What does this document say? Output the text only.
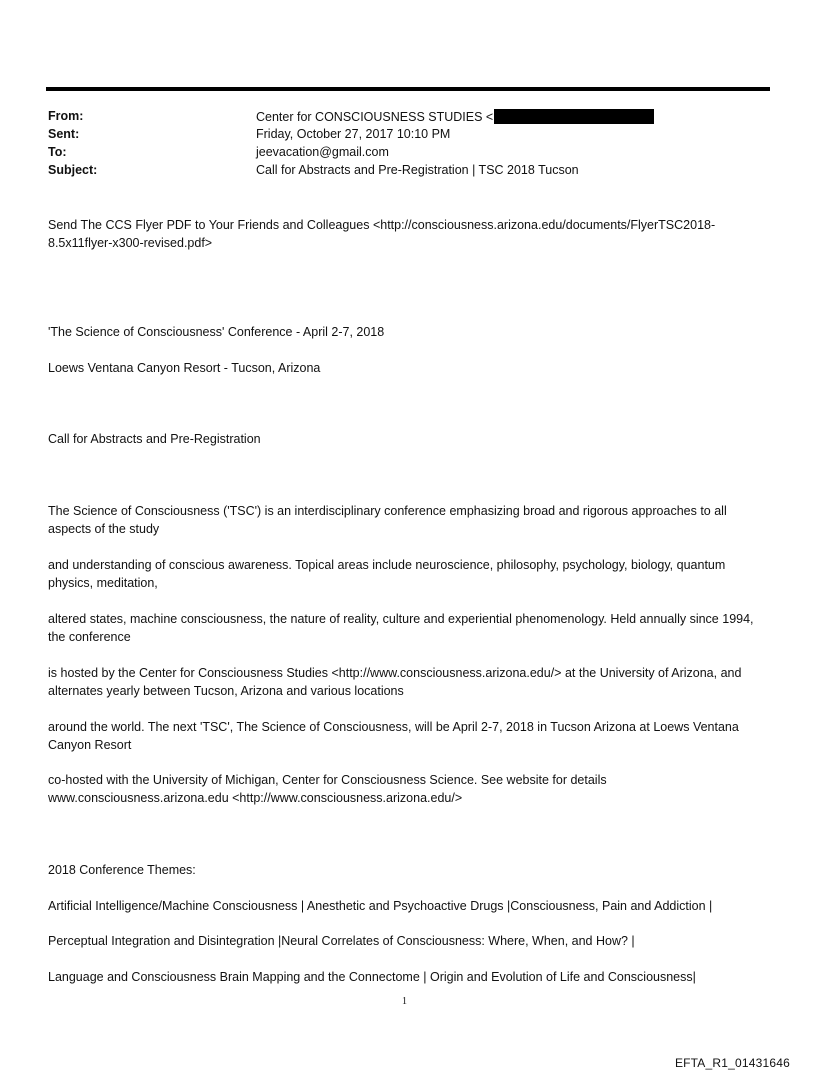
From:	Center for CONSCIOUSNESS STUDIES <
Sent:	Friday, October 27, 2017 10:10 PM
To:	jeevacation@gmail.com
Subject:	Call for Abstracts and Pre-Registration | TSC 2018 Tucson
Send The CCS Flyer PDF to Your Friends and Colleagues <http://consciousness.arizona.edu/documents/FlyerTSC2018-
8.5x11flyer-x300-revised.pdf>
'The Science of Consciousness' Conference - April 2-7, 2018
Loews Ventana Canyon Resort - Tucson, Arizona
Call for Abstracts and Pre-Registration
The Science of Consciousness ('TSC') is an interdisciplinary conference emphasizing broad and rigorous approaches to all aspects of the study
and understanding of conscious awareness. Topical areas include neuroscience, philosophy, psychology, biology, quantum physics, meditation,
altered states, machine consciousness, the nature of reality, culture and experiential phenomenology. Held annually since 1994, the conference
is hosted by the Center for Consciousness Studies <http://www.consciousness.arizona.edu/> at the University of Arizona, and alternates yearly between Tucson, Arizona and various locations
around the world. The next 'TSC', The Science of Consciousness, will be April 2-7, 2018 in Tucson Arizona at Loews Ventana Canyon Resort
co-hosted with the University of Michigan, Center for Consciousness Science. See website for details www.consciousness.arizona.edu <http://www.consciousness.arizona.edu/>
2018 Conference Themes:
Artificial Intelligence/Machine Consciousness | Anesthetic and Psychoactive Drugs |Consciousness, Pain and Addiction |
Perceptual Integration and Disintegration |Neural Correlates of Consciousness: Where, When, and How? |
Language and Consciousness Brain Mapping and the Connectome | Origin and Evolution of Life and Consciousness|
1
EFTA_R1_01431646
